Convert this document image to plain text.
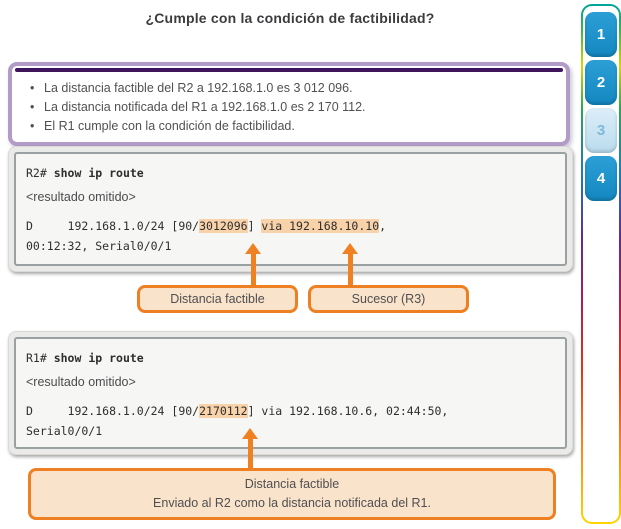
¿Cumple con la condición de factibilidad?
• La distancia factible del R2 a 192.168.1.0 es 3 012 096.
• La distancia notificada del R1 a 192.168.1.0 es 2 170 112.
• El R1 cumple con la condición de factibilidad.
R2# show ip route
<resultado omitido>
D     192.168.1.0/24 [90/3012096] via 192.168.10.10,
00:12:32, Serial0/0/1
Distancia factible	Sucesor (R3)
R1# show ip route
<resultado omitido>
D     192.168.1.0/24 [90/2170112] via 192.168.10.6, 02:44:50,
Serial0/0/1
Distancia factible
Enviado al R2 como la distancia notificada del R1.
1
2
3
4
